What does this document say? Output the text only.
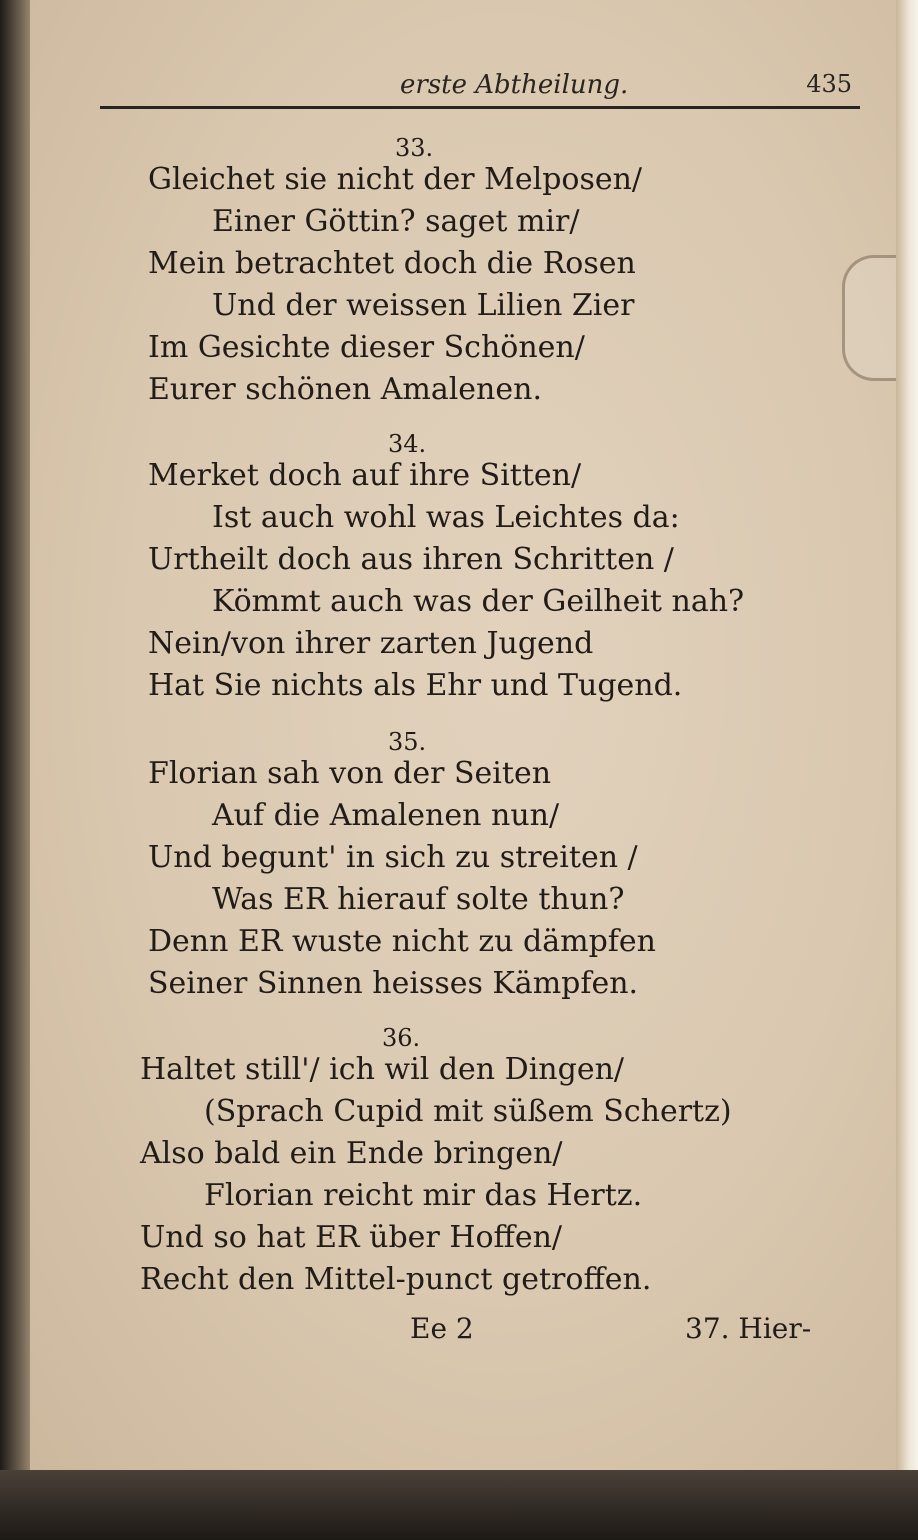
erste Abtheilung.	435
33.
Gleichet sie nicht der Melposen/
Einer Göttin? saget mir/
Mein betrachtet doch die Rosen
Und der weissen Lilien Zier
Im Gesichte dieser Schönen/
Eurer schönen Amalenen.
34.
Merket doch auf ihre Sitten/
Ist auch wohl was Leichtes da:
Urtheilt doch aus ihren Schritten /
Kömmt auch was der Geilheit nah?
Nein/von ihrer zarten Jugend
Hat Sie nichts als Ehr und Tugend.
35.
Florian sah von der Seiten
Auf die Amalenen nun/
Und begunt' in sich zu streiten /
Was ER hierauf solte thun?
Denn ER wuste nicht zu dämpfen
Seiner Sinnen heisses Kämpfen.
36.
Haltet still'/ ich wil den Dingen/
(Sprach Cupid mit süßem Schertz)
Also bald ein Ende bringen/
Florian reicht mir das Hertz.
Und so hat ER über Hoffen/
Recht den Mittel-punct getroffen.
Ee 2	37. Hier-
